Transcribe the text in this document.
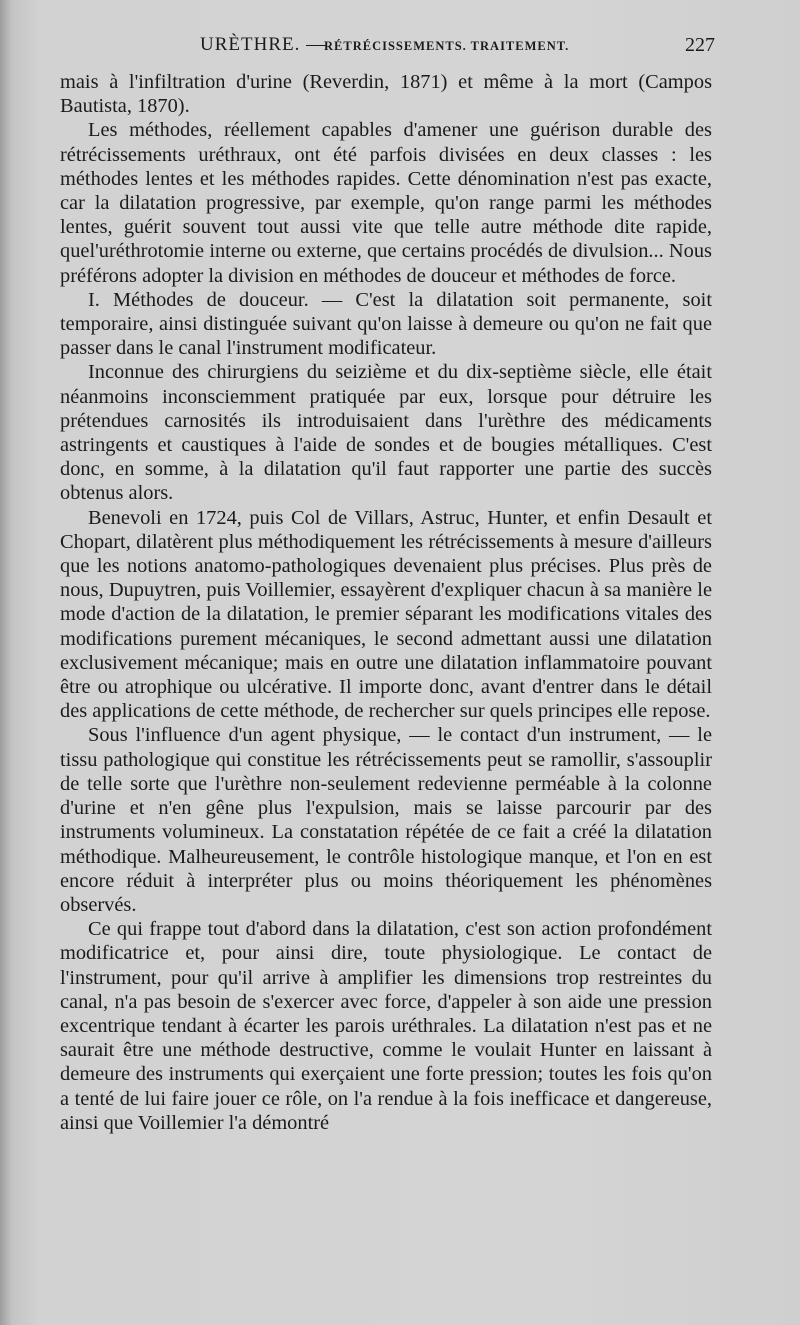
URÈTHRE. —
RÉTRÉCISSEMENTS. TRAITEMENT.	227

mais à l'infiltration d'urine (Reverdin, 1871) et même à la mort (Campos Bautista, 1870).

Les méthodes, réellement capables d'amener une guérison durable des rétrécissements uréthraux, ont été parfois divisées en deux classes : les méthodes lentes et les méthodes rapides. Cette dénomination n'est pas exacte, car la dilatation progressive, par exemple, qu'on range parmi les méthodes lentes, guérit souvent tout aussi vite que telle autre méthode dite rapide, quel'uréthrotomie interne ou externe, que certains procédés de divulsion... Nous préférons adopter la division en méthodes de douceur et méthodes de force.

I. Méthodes de douceur. — C'est la dilatation soit permanente, soit temporaire, ainsi distinguée suivant qu'on laisse à demeure ou qu'on ne fait que passer dans le canal l'instrument modificateur.

Inconnue des chirurgiens du seizième et du dix-septième siècle, elle était néanmoins inconsciemment pratiquée par eux, lorsque pour détruire les prétendues carnosités ils introduisaient dans l'urèthre des médicaments astringents et caustiques à l'aide de sondes et de bougies métalliques. C'est donc, en somme, à la dilatation qu'il faut rapporter une partie des succès obtenus alors.

Benevoli en 1724, puis Col de Villars, Astruc, Hunter, et enfin Desault et Chopart, dilatèrent plus méthodiquement les rétrécissements à mesure d'ailleurs que les notions anatomo-pathologiques devenaient plus précises. Plus près de nous, Dupuytren, puis Voillemier, essayèrent d'expliquer chacun à sa manière le mode d'action de la dilatation, le premier séparant les modifications vitales des modifications purement mécaniques, le second admettant aussi une dilatation exclusivement mécanique; mais en outre une dilatation inflammatoire pouvant être ou atrophique ou ulcérative. Il importe donc, avant d'entrer dans le détail des applications de cette méthode, de rechercher sur quels principes elle repose.

Sous l'influence d'un agent physique, — le contact d'un instrument, — le tissu pathologique qui constitue les rétrécissements peut se ramollir, s'assouplir de telle sorte que l'urèthre non-seulement redevienne perméable à la colonne d'urine et n'en gêne plus l'expulsion, mais se laisse parcourir par des instruments volumineux. La constatation répétée de ce fait a créé la dilatation méthodique. Malheureusement, le contrôle histologique manque, et l'on en est encore réduit à interpréter plus ou moins théoriquement les phénomènes observés.

Ce qui frappe tout d'abord dans la dilatation, c'est son action profondément modificatrice et, pour ainsi dire, toute physiologique. Le contact de l'instrument, pour qu'il arrive à amplifier les dimensions trop restreintes du canal, n'a pas besoin de s'exercer avec force, d'appeler à son aide une pression excentrique tendant à écarter les parois uréthrales. La dilatation n'est pas et ne saurait être une méthode destructive, comme le voulait Hunter en laissant à demeure des instruments qui exerçaient une forte pression; toutes les fois qu'on a tenté de lui faire jouer ce rôle, on l'a rendue à la fois inefficace et dangereuse, ainsi que Voillemier l'a démontré
